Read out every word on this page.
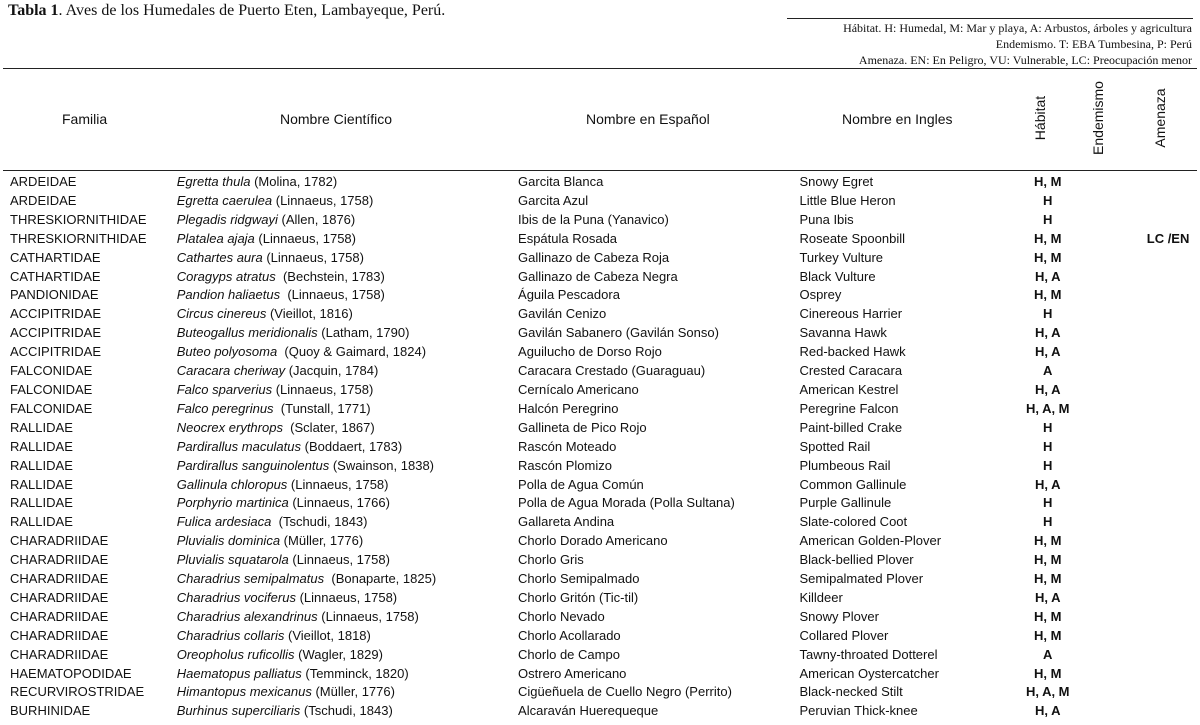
Tabla 1. Aves de los Humedales de Puerto Eten, Lambayeque, Perú.
Hábitat. H: Humedal, M: Mar y playa, A: Arbustos, árboles y agricultura
Endemismo. T: EBA Tumbesina, P: Perú
Amenaza. EN: En Peligro, VU: Vulnerable, LC: Preocupación menor
Familia	Nombre Científico	Nombre en Español	Nombre en Ingles	Hábitat	Endemismo	Amenaza
ARDEIDAE	Egretta thula (Molina, 1782)	Garcita Blanca	Snowy Egret	H, M		
ARDEIDAE	Egretta caerulea (Linnaeus, 1758)	Garcita Azul	Little Blue Heron	H		
THRESKIORNITHIDAE	Plegadis ridgwayi (Allen, 1876)	Ibis de la Puna (Yanavico)	Puna Ibis	H		
THRESKIORNITHIDAE	Platalea ajaja (Linnaeus, 1758)	Espátula Rosada	Roseate Spoonbill	H, M		LC /EN
CATHARTIDAE	Cathartes aura (Linnaeus, 1758)	Gallinazo de Cabeza Roja	Turkey Vulture	H, M		
CATHARTIDAE	Coragyps atratus  (Bechstein, 1783)	Gallinazo de Cabeza Negra	Black Vulture	H, A		
PANDIONIDAE	Pandion haliaetus  (Linnaeus, 1758)	Águila Pescadora	Osprey	H, M		
ACCIPITRIDAE	Circus cinereus (Vieillot, 1816)	Gavilán Cenizo	Cinereous Harrier	H		
ACCIPITRIDAE	Buteogallus meridionalis (Latham, 1790)	Gavilán Sabanero (Gavilán Sonso)	Savanna Hawk	H, A		
ACCIPITRIDAE	Buteo polyosoma  (Quoy & Gaimard, 1824)	Aguilucho de Dorso Rojo	Red-backed Hawk	H, A		
FALCONIDAE	Caracara cheriway (Jacquin, 1784)	Caracara Crestado (Guaraguau)	Crested Caracara	A		
FALCONIDAE	Falco sparverius (Linnaeus, 1758)	Cernícalo Americano	American Kestrel	H, A		
FALCONIDAE	Falco peregrinus  (Tunstall, 1771)	Halcón Peregrino	Peregrine Falcon	H, A, M		
RALLIDAE	Neocrex erythrops  (Sclater, 1867)	Gallineta de Pico Rojo	Paint-billed Crake	H		
RALLIDAE	Pardirallus maculatus (Boddaert, 1783)	Rascón Moteado	Spotted Rail	H		
RALLIDAE	Pardirallus sanguinolentus (Swainson, 1838)	Rascón Plomizo	Plumbeous Rail	H		
RALLIDAE	Gallinula chloropus (Linnaeus, 1758)	Polla de Agua Común	Common Gallinule	H, A		
RALLIDAE	Porphyrio martinica (Linnaeus, 1766)	Polla de Agua Morada (Polla Sultana)	Purple Gallinule	H		
RALLIDAE	Fulica ardesiaca  (Tschudi, 1843)	Gallareta Andina	Slate-colored Coot	H		
CHARADRIIDAE	Pluvialis dominica (Müller, 1776)	Chorlo Dorado Americano	American Golden-Plover	H, M		
CHARADRIIDAE	Pluvialis squatarola (Linnaeus, 1758)	Chorlo Gris	Black-bellied Plover	H, M		
CHARADRIIDAE	Charadrius semipalmatus  (Bonaparte, 1825)	Chorlo Semipalmado	Semipalmated Plover	H, M		
CHARADRIIDAE	Charadrius vociferus (Linnaeus, 1758)	Chorlo Gritón (Tic-til)	Killdeer	H, A		
CHARADRIIDAE	Charadrius alexandrinus (Linnaeus, 1758)	Chorlo Nevado	Snowy Plover	H, M		
CHARADRIIDAE	Charadrius collaris (Vieillot, 1818)	Chorlo Acollarado	Collared Plover	H, M		
CHARADRIIDAE	Oreopholus ruficollis (Wagler, 1829)	Chorlo de Campo	Tawny-throated Dotterel	A		
HAEMATOPODIDAE	Haematopus palliatus (Temminck, 1820)	Ostrero Americano	American Oystercatcher	H, M		
RECURVIROSTRIDAE	Himantopus mexicanus (Müller, 1776)	Cigüeñuela de Cuello Negro (Perrito)	Black-necked Stilt	H, A, M		
BURHINIDAE	Burhinus superciliaris (Tschudi, 1843)	Alcaraván Huerequeque	Peruvian Thick-knee	H, A		
